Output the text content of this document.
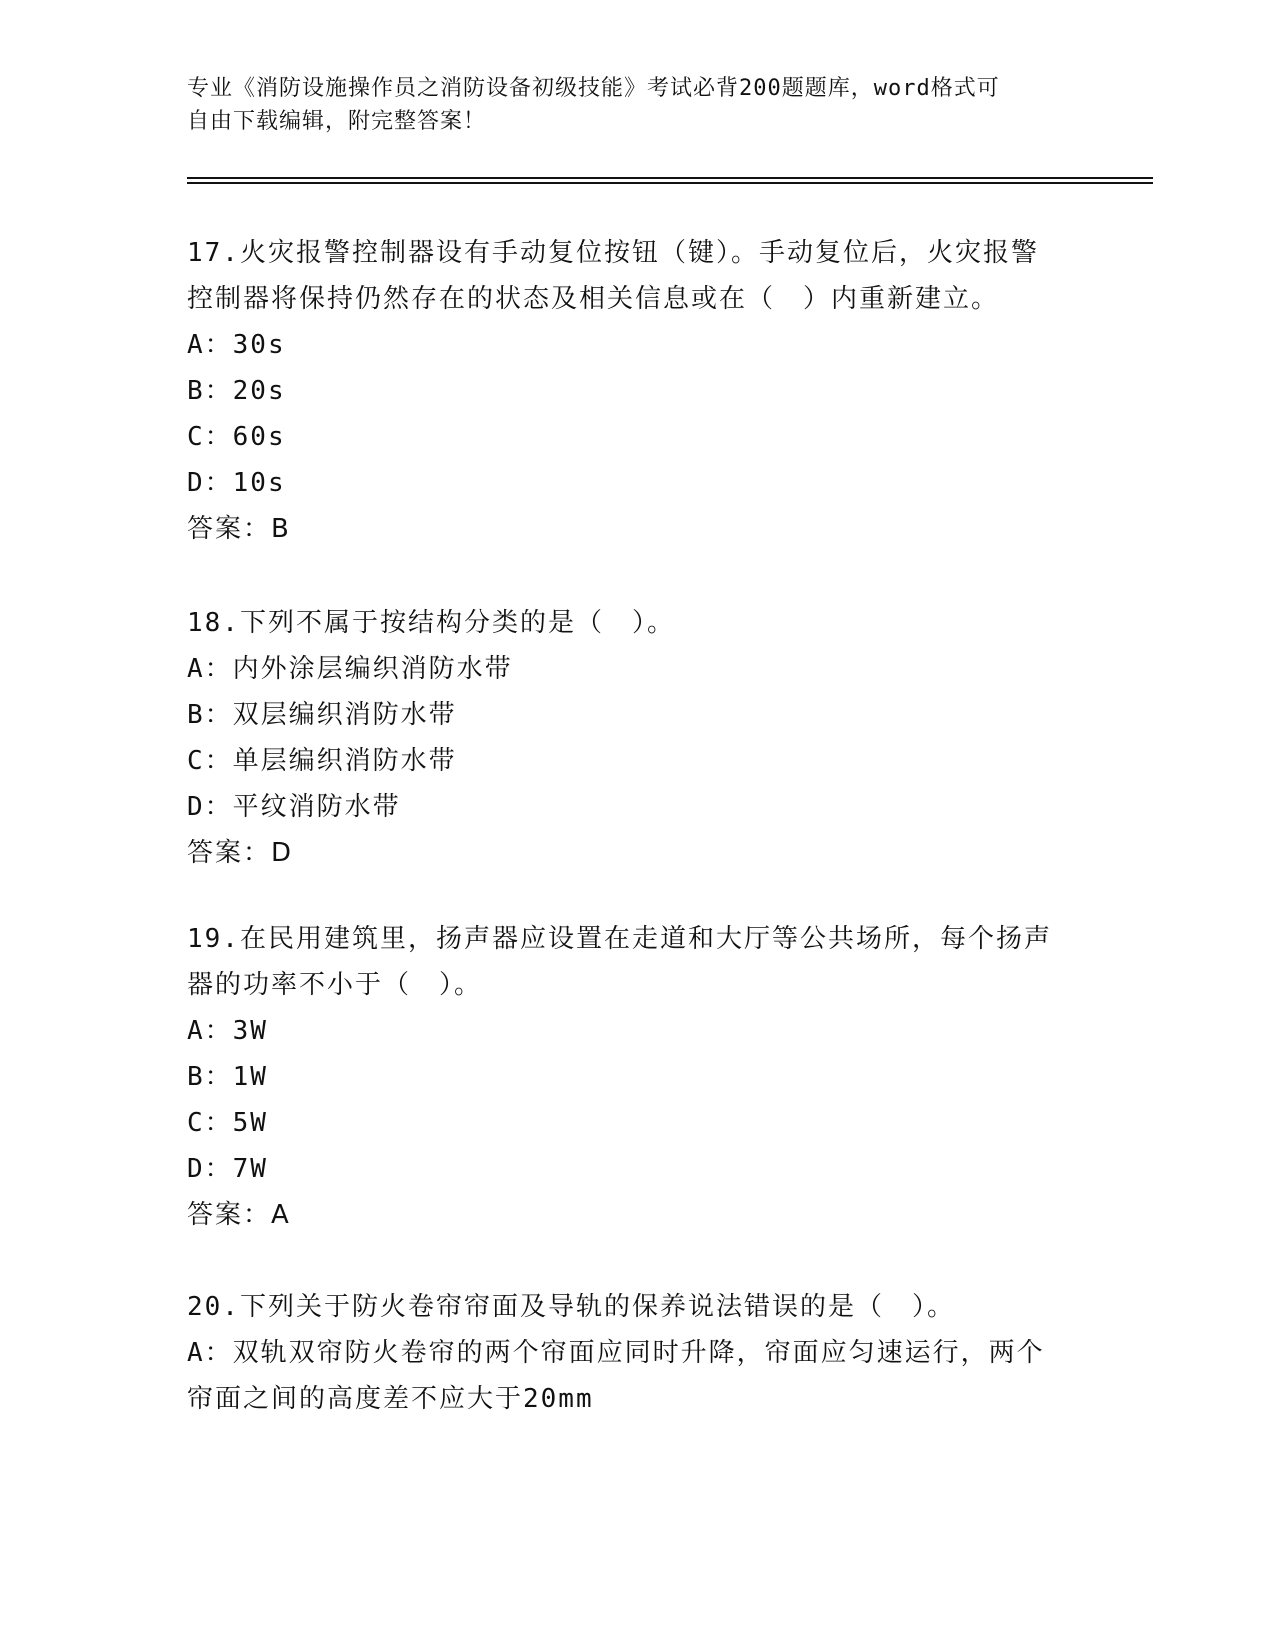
专业《消防设施操作员之消防设备初级技能》考试必背200题题库，word格式可
自由下载编辑，附完整答案！

17.火灾报警控制器设有手动复位按钮（键）。手动复位后，火灾报警

控制器将保持仍然存在的状态及相关信息或在（　）内重新建立。

A：30s

B：20s

C：60s

D：10s

答案：B

18.下列不属于按结构分类的是（　）。

A：内外涂层编织消防水带

B：双层编织消防水带

C：单层编织消防水带

D：平纹消防水带

答案：D

19.在民用建筑里，扬声器应设置在走道和大厅等公共场所，每个扬声

器的功率不小于（　）。

A：3W

B：1W

C：5W

D：7W

答案：A

20.下列关于防火卷帘帘面及导轨的保养说法错误的是（　）。

A：双轨双帘防火卷帘的两个帘面应同时升降，帘面应匀速运行，两个

帘面之间的高度差不应大于20mm
